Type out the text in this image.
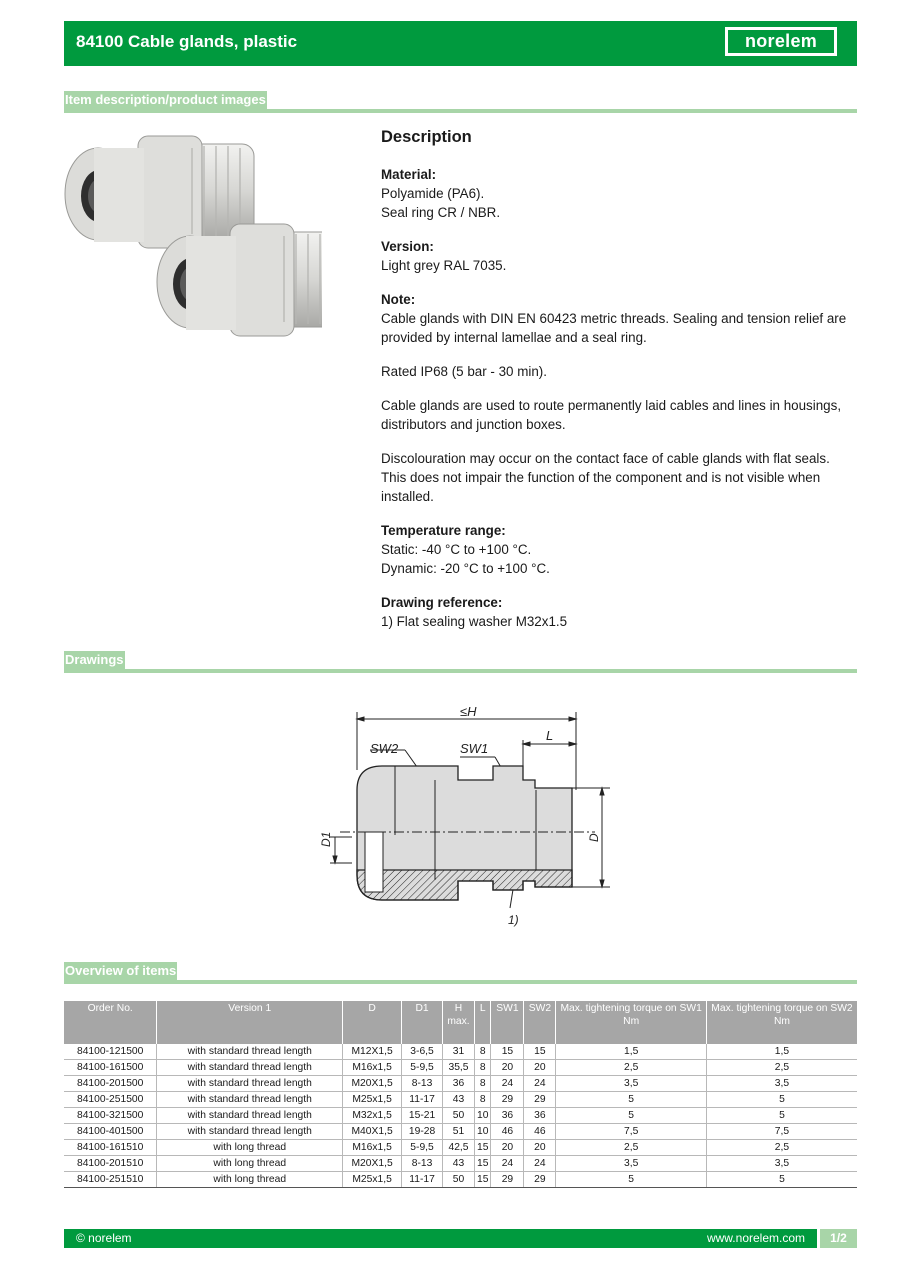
84100 Cable glands, plastic	norelem
Item description/product images
Description

Material:
Polyamide (PA6).
Seal ring CR / NBR.

Version:
Light grey RAL 7035.

Note:
Cable glands with DIN EN 60423 metric threads. Sealing and tension relief are provided by internal lamellae and a seal ring.

Rated IP68 (5 bar - 30 min).

Cable glands are used to route permanently laid cables and lines in housings, distributors and junction boxes.

Discolouration may occur on the contact face of cable glands with flat seals. This does not impair the function of the component and is not visible when installed.

Temperature range:
Static: -40 °C to +100 °C.
Dynamic: -20 °C to +100 °C.

Drawing reference:
1) Flat sealing washer M32x1.5

Drawings
≤H
L
SW2	SW1
D1	D
1)
Overview of items
Order No.	Version 1	D	D1	H max.	L	SW1	SW2	Max. tightening torque on SW1 Nm	Max. tightening torque on SW2 Nm
84100-121500	with standard thread length	M12X1,5	3-6,5	31	8	15	15	1,5	1,5
84100-161500	with standard thread length	M16x1,5	5-9,5	35,5	8	20	20	2,5	2,5
84100-201500	with standard thread length	M20X1,5	8-13	36	8	24	24	3,5	3,5
84100-251500	with standard thread length	M25x1,5	11-17	43	8	29	29	5	5
84100-321500	with standard thread length	M32x1,5	15-21	50	10	36	36	5	5
84100-401500	with standard thread length	M40X1,5	19-28	51	10	46	46	7,5	7,5
84100-161510	with long thread	M16x1,5	5-9,5	42,5	15	20	20	2,5	2,5
84100-201510	with long thread	M20X1,5	8-13	43	15	24	24	3,5	3,5
84100-251510	with long thread	M25x1,5	11-17	50	15	29	29	5	5
© norelem	www.norelem.com	1/2
